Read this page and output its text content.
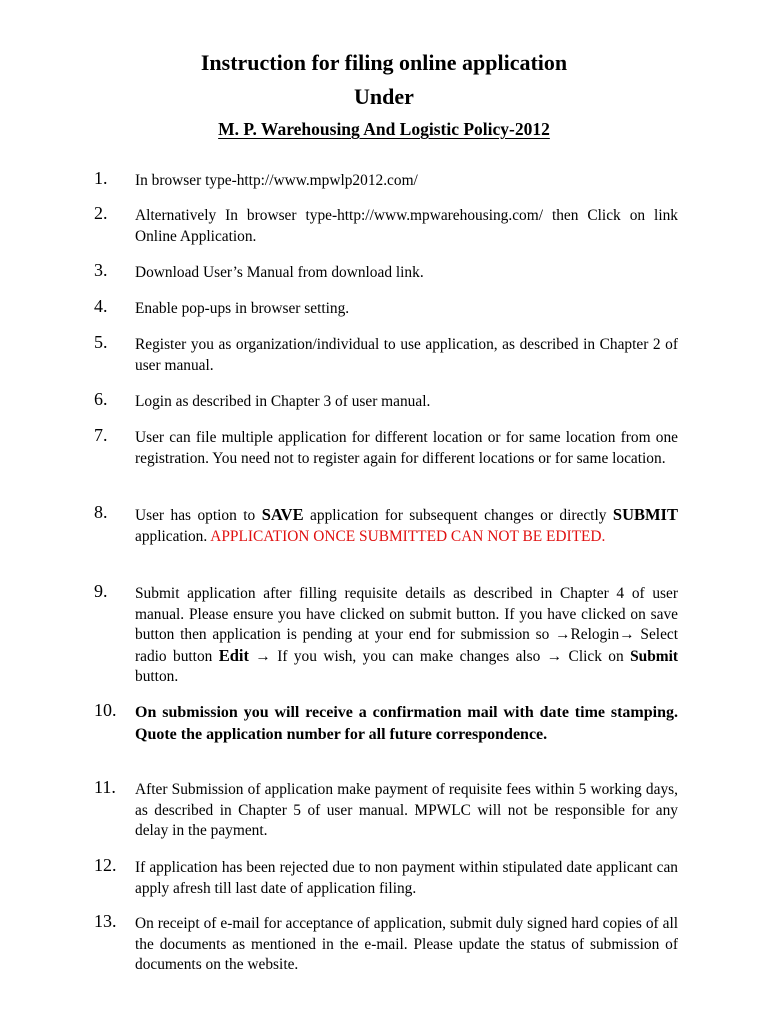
Instruction for filing online application
Under
M. P. Warehousing And Logistic Policy-2012
1. In browser type-http://www.mpwlp2012.com/
2. Alternatively In browser type-http://www.mpwarehousing.com/ then Click on link Online Application.
3. Download User’s Manual from download link.
4. Enable pop-ups in browser setting.
5. Register you as organization/individual to use application, as described in Chapter 2 of user manual.
6. Login as described in Chapter 3 of user manual.
7. User can file multiple application for different location or for same location from one registration. You need not to register again for different locations or for same location.
8. User has option to SAVE application for subsequent changes or directly SUBMIT application. APPLICATION ONCE SUBMITTED CAN NOT BE EDITED.
9. Submit application after filling requisite details as described in Chapter 4 of user manual. Please ensure you have clicked on submit button. If you have clicked on save button then application is pending at your end for submission so →Relogin→ Select radio button Edit → If you wish, you can make changes also → Click on Submit button.
10. On submission you will receive a confirmation mail with date time stamping. Quote the application number for all future correspondence.
11. After Submission of application make payment of requisite fees within 5 working days, as described in Chapter 5 of user manual. MPWLC will not be responsible for any delay in the payment.
12. If application has been rejected due to non payment within stipulated date applicant can apply afresh till last date of application filing.
13. On receipt of e-mail for acceptance of application, submit duly signed hard copies of all the documents as mentioned in the e-mail. Please update the status of submission of documents on the website.
